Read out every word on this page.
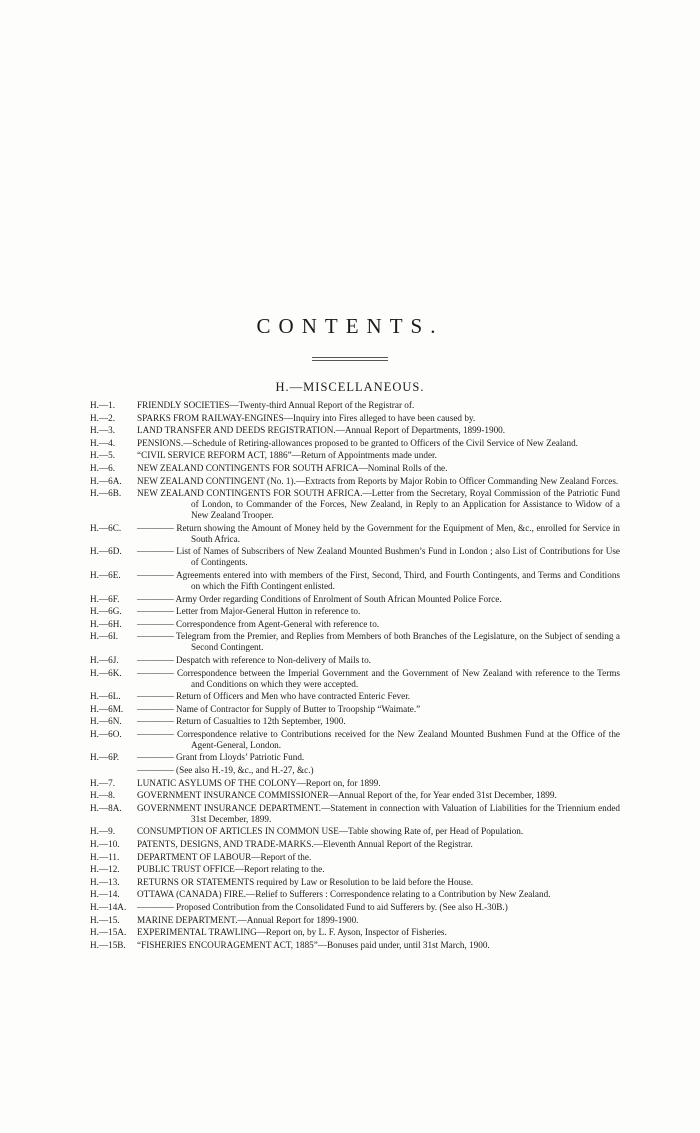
CONTENTS.
H.—MISCELLANEOUS.
H.—1.	FRIENDLY SOCIETIES—Twenty-third Annual Report of the Registrar of.
H.—2.	SPARKS FROM RAILWAY-ENGINES—Inquiry into Fires alleged to have been caused by.
H.—3.	LAND TRANSFER AND DEEDS REGISTRATION.—Annual Report of Departments, 1899-1900.
H.—4.	PENSIONS.—Schedule of Retiring-allowances proposed to be granted to Officers of the Civil Service of New Zealand.
H.—5.	“CIVIL SERVICE REFORM ACT, 1886”—Return of Appointments made under.
H.—6.	NEW ZEALAND CONTINGENTS FOR SOUTH AFRICA—Nominal Rolls of the.
H.—6A.	NEW ZEALAND CONTINGENT (No. 1).—Extracts from Reports by Major Robin to Officer Commanding New Zealand Forces.
H.—6B.	NEW ZEALAND CONTINGENTS FOR SOUTH AFRICA.—Letter from the Secretary, Royal Commission of the Patriotic Fund of London, to Commander of the Forces, New Zealand, in Reply to an Application for Assistance to Widow of a New Zealand Trooper.
H.—6C.	———— Return showing the Amount of Money held by the Government for the Equipment of Men, &c., enrolled for Service in South Africa.
H.—6D.	———— List of Names of Subscribers of New Zealand Mounted Bushmen’s Fund in London ; also List of Contributions for Use of Contingents.
H.—6E.	———— Agreements entered into with members of the First, Second, Third, and Fourth Contingents, and Terms and Conditions on which the Fifth Contingent enlisted.
H.—6F.	———— Army Order regarding Conditions of Enrolment of South African Mounted Police Force.
H.—6G.	———— Letter from Major-General Hutton in reference to.
H.—6H.	———— Correspondence from Agent-General with reference to.
H.—6I.	———— Telegram from the Premier, and Replies from Members of both Branches of the Legislature, on the Subject of sending a Second Contingent.
H.—6J.	———— Despatch with reference to Non-delivery of Mails to.
H.—6K.	———— Correspondence between the Imperial Government and the Government of New Zealand with reference to the Terms and Conditions on which they were accepted.
H.—6L.	———— Return of Officers and Men who have contracted Enteric Fever.
H.—6M.	———— Name of Contractor for Supply of Butter to Troopship “Waimate.”
H.—6N.	———— Return of Casualties to 12th September, 1900.
H.—6O.	———— Correspondence relative to Contributions received for the New Zealand Mounted Bushmen Fund at the Office of the Agent-General, London.
H.—6P.	———— Grant from Lloyds’ Patriotic Fund.
———— (See also H.-19, &c., and H.-27, &c.)
H.—7.	LUNATIC ASYLUMS OF THE COLONY—Report on, for 1899.
H.—8.	GOVERNMENT INSURANCE COMMISSIONER—Annual Report of the, for Year ended 31st December, 1899.
H.—8A.	GOVERNMENT INSURANCE DEPARTMENT.—Statement in connection with Valuation of Liabilities for the Triennium ended 31st December, 1899.
H.—9.	CONSUMPTION OF ARTICLES IN COMMON USE—Table showing Rate of, per Head of Population.
H.—10.	PATENTS, DESIGNS, AND TRADE-MARKS.—Eleventh Annual Report of the Registrar.
H.—11.	DEPARTMENT OF LABOUR—Report of the.
H.—12.	PUBLIC TRUST OFFICE—Report relating to the.
H.—13.	RETURNS OR STATEMENTS required by Law or Resolution to be laid before the House.
H.—14.	OTTAWA (CANADA) FIRE.—Relief to Sufferers : Correspondence relating to a Contribution by New Zealand.
H.—14A.	———— Proposed Contribution from the Consolidated Fund to aid Sufferers by. (See also H.-30B.)
H.—15.	MARINE DEPARTMENT.—Annual Report for 1899-1900.
H.—15A.	EXPERIMENTAL TRAWLING—Report on, by L. F. Ayson, Inspector of Fisheries.
H.—15B.	“FISHERIES ENCOURAGEMENT ACT, 1885”—Bonuses paid under, until 31st March, 1900.
